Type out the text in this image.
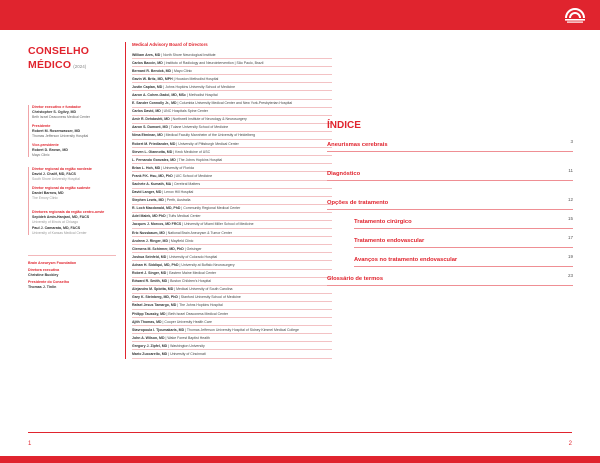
CONSELHO
MÉDICO (2024)
Diretor executivo e fundador
Christopher S. Ogilvy, MD
Beth Israel Deaconess Medical Center
Presidente
Robert M. Rosenwasser, MD
Thomas Jefferson University Hospital
Vice-presidente
Robert D. Brown, MD
Mayo Clinic
Diretor regional da região nordeste
David J. Chalif, MD, FACS
South Shore University Hospital
Diretor regional da região sudeste
Daniel Barrow, MD
The Emory Clinic
Diretores regionais da região centro-oeste
Sepideh Amin-Hanjani, MD, FACS
University of Illinois at Chicago
Paul J. Camarata, MD, FACS
University of Kansas Medical Center
Brain Aneurysm Foundation
Diretora executiva
Christine Buckley
Presidente do Conselho
Thomas J. Tinlin
Medical Advisory Board of Directors
William Ares, MD | North Shore Neurological Institute
Carlos Baccin, MD | Instituto of Radiology and Neurointervention | São Paulo, Brazil
Bernard R. Bendok, MD | Mayo Clinic
Gavin W. Britz, MD, MPH | Houston Methodist Hospital
Justin Caplan, MD | Johns Hopkins University School of Medicine
Aaron A. Cohen-Gadol, MD, MSc | Methodist Hospital
E. Sander Connolly Jr., MD | Columbia University Medical Center and New York-Presbyterian Hospital
Carlos David, MD | UNC Hospitals Spine Center
Amir R. Dehdashti, MD | Northwell Institute of Neurology & Neurosurgery
Aaron S. Dumont, MD | Tulane University School of Medicine
Nima Etminan, MD | Medical Faculty Mannheim of the University of Heidelberg
Robert M. Friedlander, MD | University of Pittsburgh Medical Center
Steven L. Giannotta, MD | Keck Medicine of USC
L. Fernando Gonzalez, MD | The Johns Hopkins Hospital
Brian L. Hoh, MD | University of Florida
Frank P.K. Hsu, MD, PhD | UIC School of Medicine
Sachete A. Kumath, MA | Cerebral Matters
David Langer, MD | Lenox Hill Hospital
Stephen Lewis, MD | Perth, Australia
R. Loch Macdonald, MD, PhD | Community Regional Medical Center
Adel Malek, MD PhD | Tufts Medical Center
Jacques J. Morcos, MD FRCS | University of Miami Miller School of Medicine
Eric Nussbaum, MD | National Brain Aneurysm & Tumor Center
Andrew J. Ringer, MD | Mayfield Clinic
Clemens M. Schirmer, MD, PhD | Geisinger
Joshua Seinfeld, MD | University of Colorado Hospital
Adnan H. Siddiqui, MD, PhD | University at Buffalo Neurosurgery
Robert J. Singer, MD | Eastern Maine Medical Center
Edward R. Smith, MD | Boston Children's Hospital
Alejandro M. Spiotta, MD | Medical University of South Carolina
Gary K. Steinberg, MD, PhD | Stanford University School of Medicine
Rafael Jesus Tamargo, MD | The Johns Hopkins Hospital
Philipp Taussky, MD | Beth Israel Deaconess Medical Center
Ajith Thomas, MD | Cooper University Health Care
Stavropoula I. Tjoumakaris, MD | Thomas Jefferson University Hospital of Sidney Kimmel Medical College
John A. Wilson, MD | Wake Forest Baptist Health
Gregory J. Zipfel, MD | Washington University
Mario Zuccarello, MD | University of Cincinnati
ÍNDICE
Aneurismas cerebrais
3
Diagnóstico
11
Opções de tratamento
12
Tratamento cirúrgico
15
Tratamento endovascular
17
Avanços no tratamento endovascular
19
Glossário de termos
23
1	2
